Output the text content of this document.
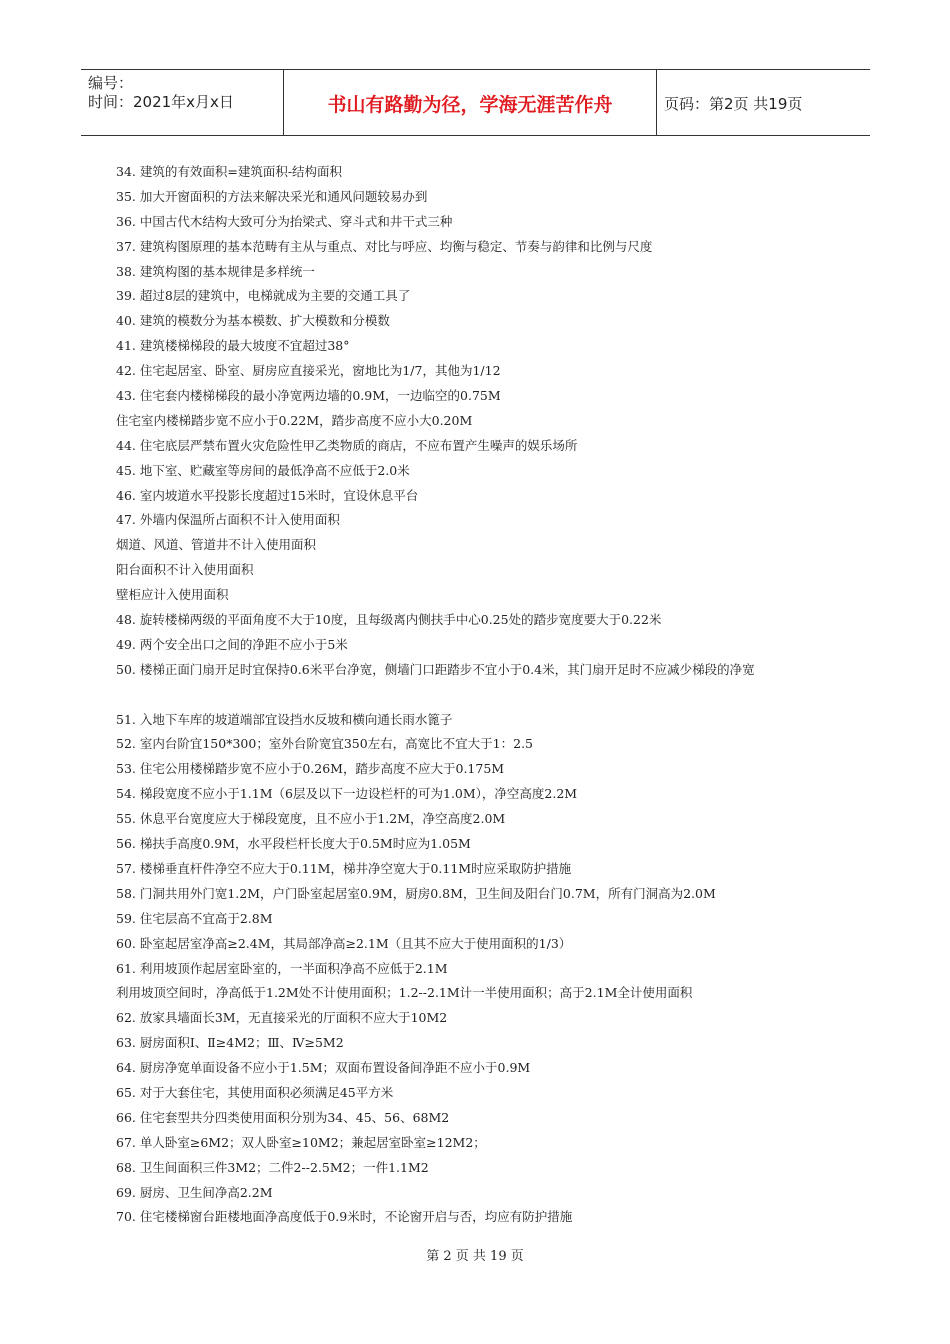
编号：
时间：2021年x月x日	书山有路勤为径，学海无涯苦作舟	页码：第2页 共19页
34. 建筑的有效面积=建筑面积-结构面积
35. 加大开窗面积的方法来解决采光和通风问题较易办到
36. 中国古代木结构大致可分为抬梁式、穿斗式和井干式三种
37. 建筑构图原理的基本范畴有主从与重点、对比与呼应、均衡与稳定、节奏与韵律和比例与尺度
38. 建筑构图的基本规律是多样统一
39. 超过8层的建筑中，电梯就成为主要的交通工具了
40. 建筑的模数分为基本模数、扩大模数和分模数
41. 建筑楼梯梯段的最大坡度不宜超过38°
42. 住宅起居室、卧室、厨房应直接采光，窗地比为1/7，其他为1/12
43. 住宅套内楼梯梯段的最小净宽两边墙的0.9M，一边临空的0.75M
住宅室内楼梯踏步宽不应小于0.22M，踏步高度不应小大0.20M
44. 住宅底层严禁布置火灾危险性甲乙类物质的商店，不应布置产生噪声的娱乐场所
45. 地下室、贮藏室等房间的最低净高不应低于2.0米
46. 室内坡道水平投影长度超过15米时，宜设休息平台
47. 外墙内保温所占面积不计入使用面积
烟道、风道、管道井不计入使用面积
阳台面积不计入使用面积
壁柜应计入使用面积
48. 旋转楼梯两级的平面角度不大于10度，且每级离内侧扶手中心0.25处的踏步宽度要大于0.22米
49. 两个安全出口之间的净距不应小于5米
50. 楼梯正面门扇开足时宜保持0.6米平台净宽，侧墙门口距踏步不宜小于0.4米，其门扇开足时不应减少梯段的净宽
51. 入地下车库的坡道端部宜设挡水反坡和横向通长雨水篦子
52. 室内台阶宜150*300；室外台阶宽宜350左右，高宽比不宜大于1：2.5
53. 住宅公用楼梯踏步宽不应小于0.26M，踏步高度不应大于0.175M
54. 梯段宽度不应小于1.1M（6层及以下一边设栏杆的可为1.0M），净空高度2.2M
55. 休息平台宽度应大于梯段宽度，且不应小于1.2M，净空高度2.0M
56. 梯扶手高度0.9M，水平段栏杆长度大于0.5M时应为1.05M
57. 楼梯垂直杆件净空不应大于0.11M，梯井净空宽大于0.11M时应采取防护措施
58. 门洞共用外门宽1.2M，户门卧室起居室0.9M，厨房0.8M，卫生间及阳台门0.7M，所有门洞高为2.0M
59. 住宅层高不宜高于2.8M
60. 卧室起居室净高≥2.4M，其局部净高≥2.1M（且其不应大于使用面积的1/3）
61. 利用坡顶作起居室卧室的，一半面积净高不应低于2.1M
利用坡顶空间时，净高低于1.2M处不计使用面积；1.2--2.1M计一半使用面积；高于2.1M全计使用面积
62. 放家具墙面长3M，无直接采光的厅面积不应大于10M2
63. 厨房面积Ⅰ、Ⅱ≥4M2；Ⅲ、Ⅳ≥5M2
64. 厨房净宽单面设备不应小于1.5M；双面布置设备间净距不应小于0.9M
65. 对于大套住宅，其使用面积必须满足45平方米
66. 住宅套型共分四类使用面积分别为34、45、56、68M2
67. 单人卧室≥6M2；双人卧室≥10M2；兼起居室卧室≥12M2；
68. 卫生间面积三件3M2；二件2--2.5M2；一件1.1M2
69. 厨房、卫生间净高2.2M
70. 住宅楼梯窗台距楼地面净高度低于0.9米时，不论窗开启与否，均应有防护措施
第 2 页 共 19 页
